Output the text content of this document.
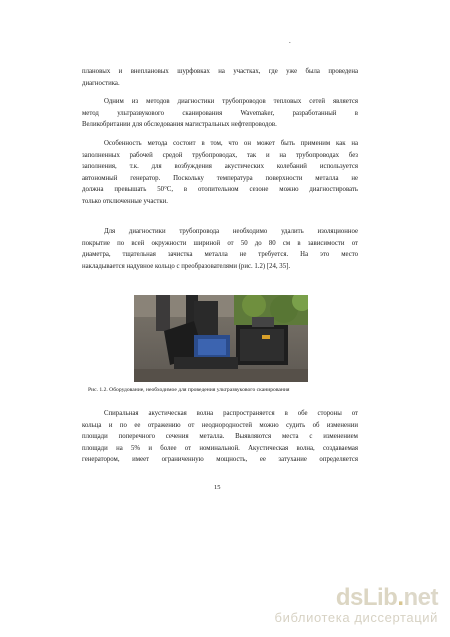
.

плановых и внеплановых шурфовках на участках, где уже была проведена
диагностика.

Одним из методов диагностики трубопроводов тепловых сетей является
метод ультразвукового сканирования Wavemaker, разработанный в
Великобритании для обследования магистральных нефтепроводов.

Особенность метода состоит в том, что он может быть применим как на
заполненных рабочей средой трубопроводах, так и на трубопроводах без
заполнения, т.к. для возбуждения акустических колебаний используется
автономный генератор. Поскольку температура поверхности металла не
должна превышать 50°С, в отопительном сезоне можно диагностировать
только отключенные участки.

Для диагностики трубопровода необходимо удалить изоляционное
покрытие по всей окружности шириной от 50 до 80 см в зависимости от
диаметра, тщательная зачистка металла не требуется. На это место
накладывается надувное кольцо с преобразователями (рис. 1.2) [24, 35].

Рис. 1.2. Оборудование, необходимое для проведения ультразвукового сканирования

Спиральная акустическая волна распространяется в обе стороны от
кольца и по ее отражению от неоднородностей можно судить об изменении
площади поперечного сечения металла. Выявляются места с изменением
площади на 5% и более от номинальной. Акустическая волна, создаваемая
генератором, имеет ограниченную мощность, ее затухание определяется

15
dsLib.net
библиотека диссертаций
